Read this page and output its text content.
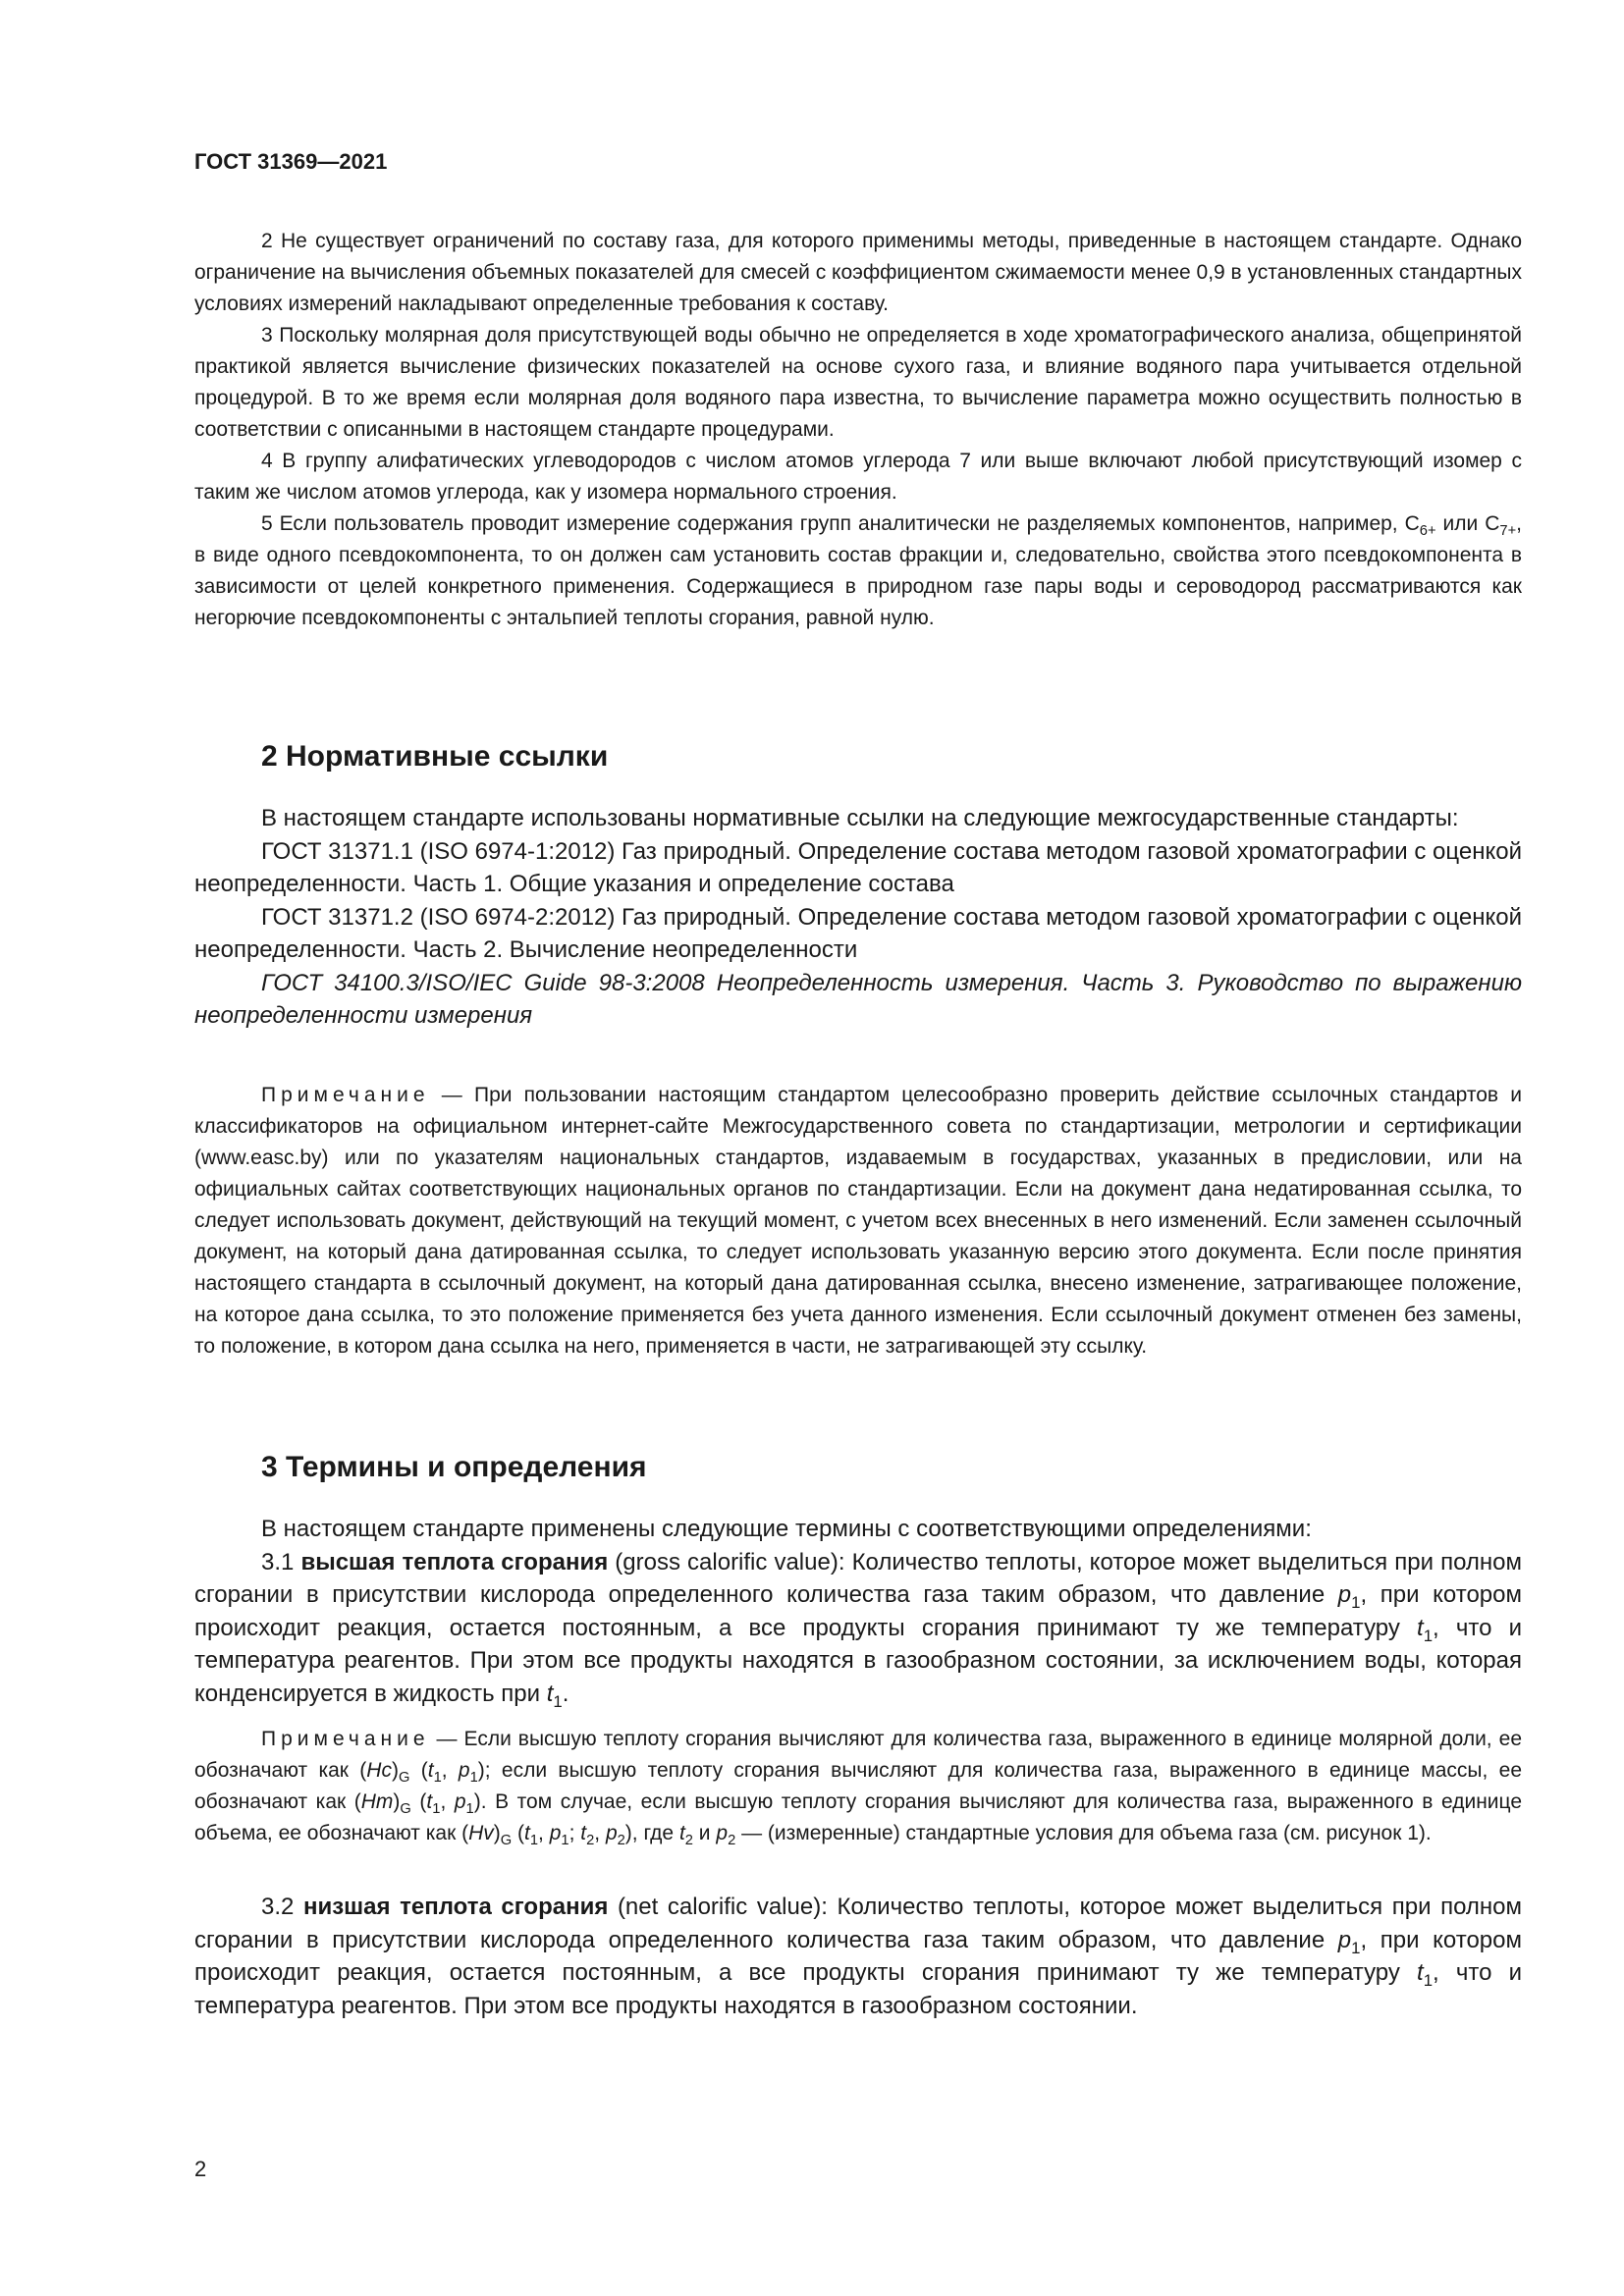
ГОСТ 31369—2021

2 Не существует ограничений по составу газа, для которого применимы методы, приведенные в настоящем стандарте. Однако ограничение на вычисления объемных показателей для смесей с коэффициентом сжимаемости менее 0,9 в установленных стандартных условиях измерений накладывают определенные требования к составу.

3 Поскольку молярная доля присутствующей воды обычно не определяется в ходе хроматографического анализа, общепринятой практикой является вычисление физических показателей на основе сухого газа, и влияние водяного пара учитывается отдельной процедурой. В то же время если молярная доля водяного пара известна, то вычисление параметра можно осуществить полностью в соответствии с описанными в настоящем стандарте процедурами.

4 В группу алифатических углеводородов с числом атомов углерода 7 или выше включают любой присутствующий изомер с таким же числом атомов углерода, как у изомера нормального строения.

5 Если пользователь проводит измерение содержания групп аналитически не разделяемых компонентов, например, $С_{6+}$ или $С_{7+}$, в виде одного псевдокомпонента, то он должен сам установить состав фракции и, следовательно, свойства этого псевдокомпонента в зависимости от целей конкретного применения. Содержащиеся в природном газе пары воды и сероводород рассматриваются как негорючие псевдокомпоненты с энтальпией теплоты сгорания, равной нулю.

2 Нормативные ссылки

В настоящем стандарте использованы нормативные ссылки на следующие межгосударственные стандарты:

ГОСТ 31371.1 (ISO 6974-1:2012) Газ природный. Определение состава методом газовой хроматографии с оценкой неопределенности. Часть 1. Общие указания и определение состава

ГОСТ 31371.2 (ISO 6974-2:2012) Газ природный. Определение состава методом газовой хроматографии с оценкой неопределенности. Часть 2. Вычисление неопределенности

ГОСТ 34100.3/ISO/IEC Guide 98-3:2008 Неопределенность измерения. Часть 3. Руководство по выражению неопределенности измерения

Примечание — При пользовании настоящим стандартом целесообразно проверить действие ссылочных стандартов и классификаторов на официальном интернет-сайте Межгосударственного совета по стандартизации, метрологии и сертификации (www.easc.by) или по указателям национальных стандартов, издаваемым в государствах, указанных в предисловии, или на официальных сайтах соответствующих национальных органов по стандартизации. Если на документ дана недатированная ссылка, то следует использовать документ, действующий на текущий момент, с учетом всех внесенных в него изменений. Если заменен ссылочный документ, на который дана датированная ссылка, то следует использовать указанную версию этого документа. Если после принятия настоящего стандарта в ссылочный документ, на который дана датированная ссылка, внесено изменение, затрагивающее положение, на которое дана ссылка, то это положение применяется без учета данного изменения. Если ссылочный документ отменен без замены, то положение, в котором дана ссылка на него, применяется в части, не затрагивающей эту ссылку.

3 Термины и определения

В настоящем стандарте применены следующие термины с соответствующими определениями:

3.1 высшая теплота сгорания (gross calorific value): Количество теплоты, которое может выделиться при полном сгорании в присутствии кислорода определенного количества газа таким образом, что давление $p_1$, при котором происходит реакция, остается постоянным, а все продукты сгорания принимают ту же температуру $t_1$, что и температура реагентов. При этом все продукты находятся в газообразном состоянии, за исключением воды, которая конденсируется в жидкость при $t_1$.

Примечание — Если высшую теплоту сгорания вычисляют для количества газа, выраженного в единице молярной доли, ее обозначают как $(Hc)_G$ ($t_1$, $p_1$); если высшую теплоту сгорания вычисляют для количества газа, выраженного в единице массы, ее обозначают как $(Hm)_G$ ($t_1$, $p_1$). В том случае, если высшую теплоту сгорания вычисляют для количества газа, выраженного в единице объема, ее обозначают как $(Hv)_G$ ($t_1$, $p_1$; $t_2$, $p_2$), где $t_2$ и $p_2$ — (измеренные) стандартные условия для объема газа (см. рисунок 1).

3.2 низшая теплота сгорания (net calorific value): Количество теплоты, которое может выделиться при полном сгорании в присутствии кислорода определенного количества газа таким образом, что давление $p_1$, при котором происходит реакция, остается постоянным, а все продукты сгорания принимают ту же температуру $t_1$, что и температура реагентов. При этом все продукты находятся в газообразном состоянии.

2
